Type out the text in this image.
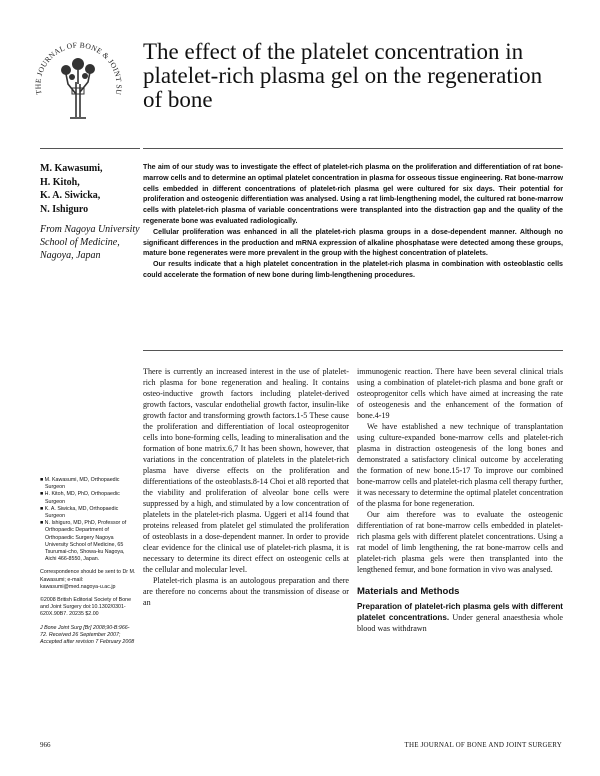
THE JOURNAL OF BONE & JOINT SU
The effect of the platelet concentration in platelet-rich plasma gel on the regeneration of bone
M. Kawasumi,
H. Kitoh,
K. A. Siwicka,
N. Ishiguro
From Nagoya University School of Medicine, Nagoya, Japan

The aim of our study was to investigate the effect of platelet-rich plasma on the proliferation and differentiation of rat bone-marrow cells and to determine an optimal platelet concentration in plasma for osseous tissue engineering. Rat bone-marrow cells embedded in different concentrations of platelet-rich plasma gel were cultured for six days. Their potential for proliferation and osteogenic differentiation was analysed. Using a rat limb-lengthening model, the cultured rat bone-marrow cells with platelet-rich plasma of variable concentrations were transplanted into the distraction gap and the quality of the regenerate bone was evaluated radiologically.

Cellular proliferation was enhanced in all the platelet-rich plasma groups in a dose-dependent manner. Although no significant differences in the production and mRNA expression of alkaline phosphatase were detected among these groups, mature bone regenerates were more prevalent in the group with the highest concentration of platelets.

Our results indicate that a high platelet concentration in the platelet-rich plasma in combination with osteoblastic cells could accelerate the formation of new bone during limb-lengthening procedures.

■ M. Kawasumi, MD, Orthopaedic Surgeon
■ H. Kitoh, MD, PhD, Orthopaedic Surgeon
■ K. A. Siwicka, MD, Orthopaedic Surgeon
■ N. Ishiguro, MD, PhD, Professor of Orthopaedic Department of Orthopaedic Surgery Nagoya University School of Medicine, 65 Tsurumai-cho, Showa-ku Nagoya, Aichi 466-8550, Japan.

Correspondence should be sent to Dr M. Kawasumi; e-mail: kawasumi@med.nagoya-u.ac.jp

©2008 British Editorial Society of Bone and Joint Surgery doi:10.1302/0301-620X.90B7. 20235 $2.00

J Bone Joint Surg [Br] 2008;90-B:966-72. Received 26 September 2007; Accepted after revision 7 February 2008

There is currently an increased interest in the use of platelet-rich plasma for bone regeneration and healing. It contains osteo-inductive growth factors including platelet-derived growth factors, vascular endothelial growth factor, insulin-like growth factor and transforming growth factors.1-5 These cause the proliferation and differentiation of local osteoprogenitor cells into bone-forming cells, leading to mineralisation and the formation of bone matrix.6,7 It has been shown, however, that variations in the concentration of platelets in the platelet-rich plasma have diverse effects on the proliferation and differentiations of the osteoblasts.8-14 Choi et al8 reported that the viability and proliferation of alveolar bone cells were suppressed by a high, and stimulated by a low concentration of platelets in the platelet-rich plasma. Uggeri et al14 found that proteins released from platelet gel stimulated the proliferation of osteoblasts in a dose-dependent manner. In order to provide clear evidence for the clinical use of platelet-rich plasma, it is necessary to determine its direct effect on osteogenic cells at the cellular and molecular level.

Platelet-rich plasma is an autologous preparation and there are therefore no concerns about the transmission of disease or an

immunogenic reaction. There have been several clinical trials using a combination of platelet-rich plasma and bone graft or osteoprogenitor cells which have aimed at increasing the rate of osteogenesis and the enhancement of the formation of bone.4-19

We have established a new technique of transplantation using culture-expanded bone-marrow cells and platelet-rich plasma in distraction osteogenesis of the long bones and demonstrated a satisfactory clinical outcome by accelerating the formation of new bone.15-17 To improve our combined bone-marrow cells and platelet-rich plasma cell therapy further, it was necessary to determine the optimal platelet concentration of the plasma for bone regeneration.

Our aim therefore was to evaluate the osteogenic differentiation of rat bone-marrow cells embedded in platelet-rich plasma gels with different platelet concentrations. Using a rat model of limb lengthening, the rat bone-marrow cells and platelet-rich plasma gels were then transplanted into the lengthened femur, and bone formation in vivo was analysed.

Materials and Methods

Preparation of platelet-rich plasma gels with different platelet concentrations. Under general anaesthesia whole blood was withdrawn

966	THE JOURNAL OF BONE AND JOINT SURGERY
